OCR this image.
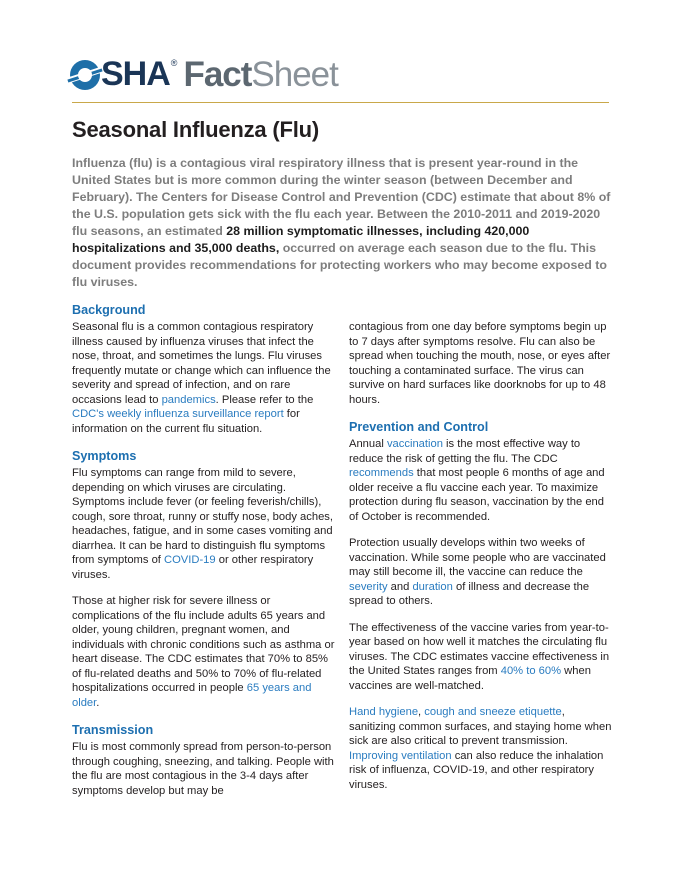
SHA ® Fact Sheet
Seasonal Influenza (Flu)
Influenza (flu) is a contagious viral respiratory illness that is present year-round in the United States but is more common during the winter season (between December and February). The Centers for Disease Control and Prevention (CDC) estimate that about 8% of the U.S. population gets sick with the flu each year. Between the 2010-2011 and 2019-2020 flu seasons, an estimated 28 million symptomatic illnesses, including 420,000 hospitalizations and 35,000 deaths, occurred on average each season due to the flu. This document provides recommendations for protecting workers who may become exposed to flu viruses.
Background

Seasonal flu is a common contagious respiratory illness caused by influenza viruses that infect the nose, throat, and sometimes the lungs. Flu viruses frequently mutate or change which can influence the severity and spread of infection, and on rare occasions lead to pandemics. Please refer to the CDC's weekly influenza surveillance report for information on the current flu situation.

Symptoms

Flu symptoms can range from mild to severe, depending on which viruses are circulating. Symptoms include fever (or feeling feverish/chills), cough, sore throat, runny or stuffy nose, body aches, headaches, fatigue, and in some cases vomiting and diarrhea. It can be hard to distinguish flu symptoms from symptoms of COVID-19 or other respiratory viruses.

Those at higher risk for severe illness or complications of the flu include adults 65 years and older, young children, pregnant women, and individuals with chronic conditions such as asthma or heart disease. The CDC estimates that 70% to 85% of flu-related deaths and 50% to 70% of flu-related hospitalizations occurred in people 65 years and older.

Transmission

Flu is most commonly spread from person-to-person through coughing, sneezing, and talking. People with the flu are most contagious in the 3-4 days after symptoms develop but may be

contagious from one day before symptoms begin up to 7 days after symptoms resolve. Flu can also be spread when touching the mouth, nose, or eyes after touching a contaminated surface. The virus can survive on hard surfaces like doorknobs for up to 48 hours.

Prevention and Control

Annual vaccination is the most effective way to reduce the risk of getting the flu. The CDC recommends that most people 6 months of age and older receive a flu vaccine each year. To maximize protection during flu season, vaccination by the end of October is recommended.

Protection usually develops within two weeks of vaccination. While some people who are vaccinated may still become ill, the vaccine can reduce the severity and duration of illness and decrease the spread to others.

The effectiveness of the vaccine varies from year-to-year based on how well it matches the circulating flu viruses. The CDC estimates vaccine effectiveness in the United States ranges from 40% to 60% when vaccines are well-matched.

Hand hygiene, cough and sneeze etiquette, sanitizing common surfaces, and staying home when sick are also critical to prevent transmission. Improving ventilation can also reduce the inhalation risk of influenza, COVID-19, and other respiratory viruses.
